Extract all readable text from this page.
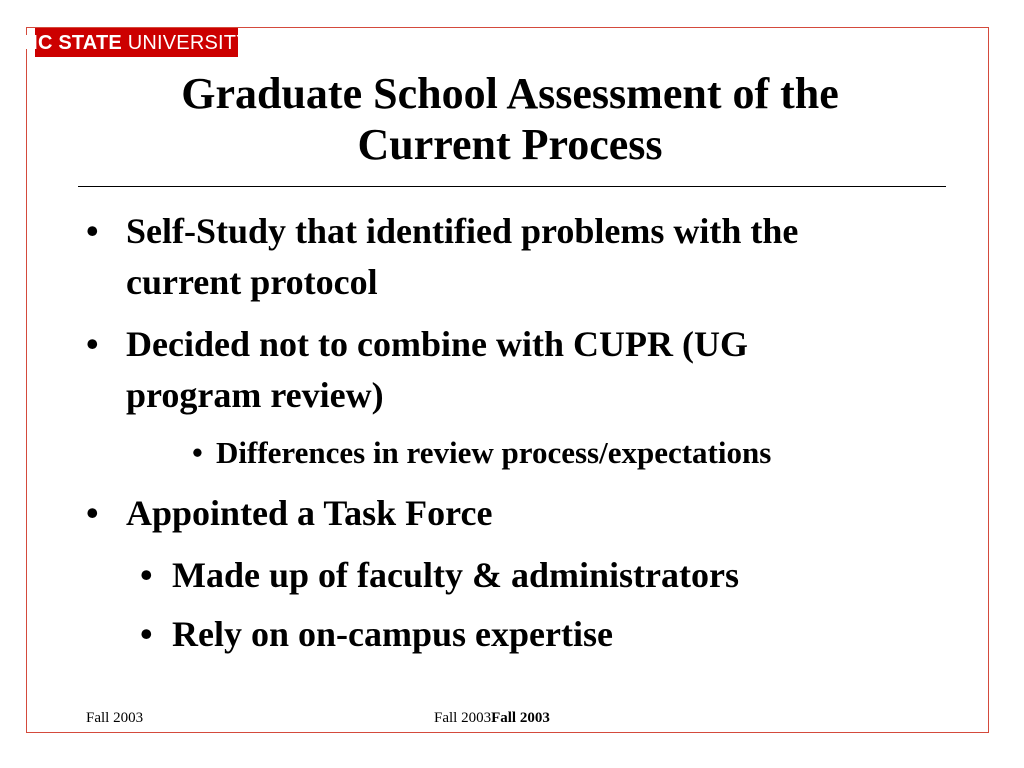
NC STATE UNIVERSITY
Graduate School Assessment of the
Current Process
• Self-Study that identified problems with the
current protocol
• Decided not to combine with CUPR (UG
program review)
• Differences in review process/expectations
• Appointed a Task Force
• Made up of faculty & administrators
• Rely on on-campus expertise
Fall 2003	Fall 2003Fall 2003
